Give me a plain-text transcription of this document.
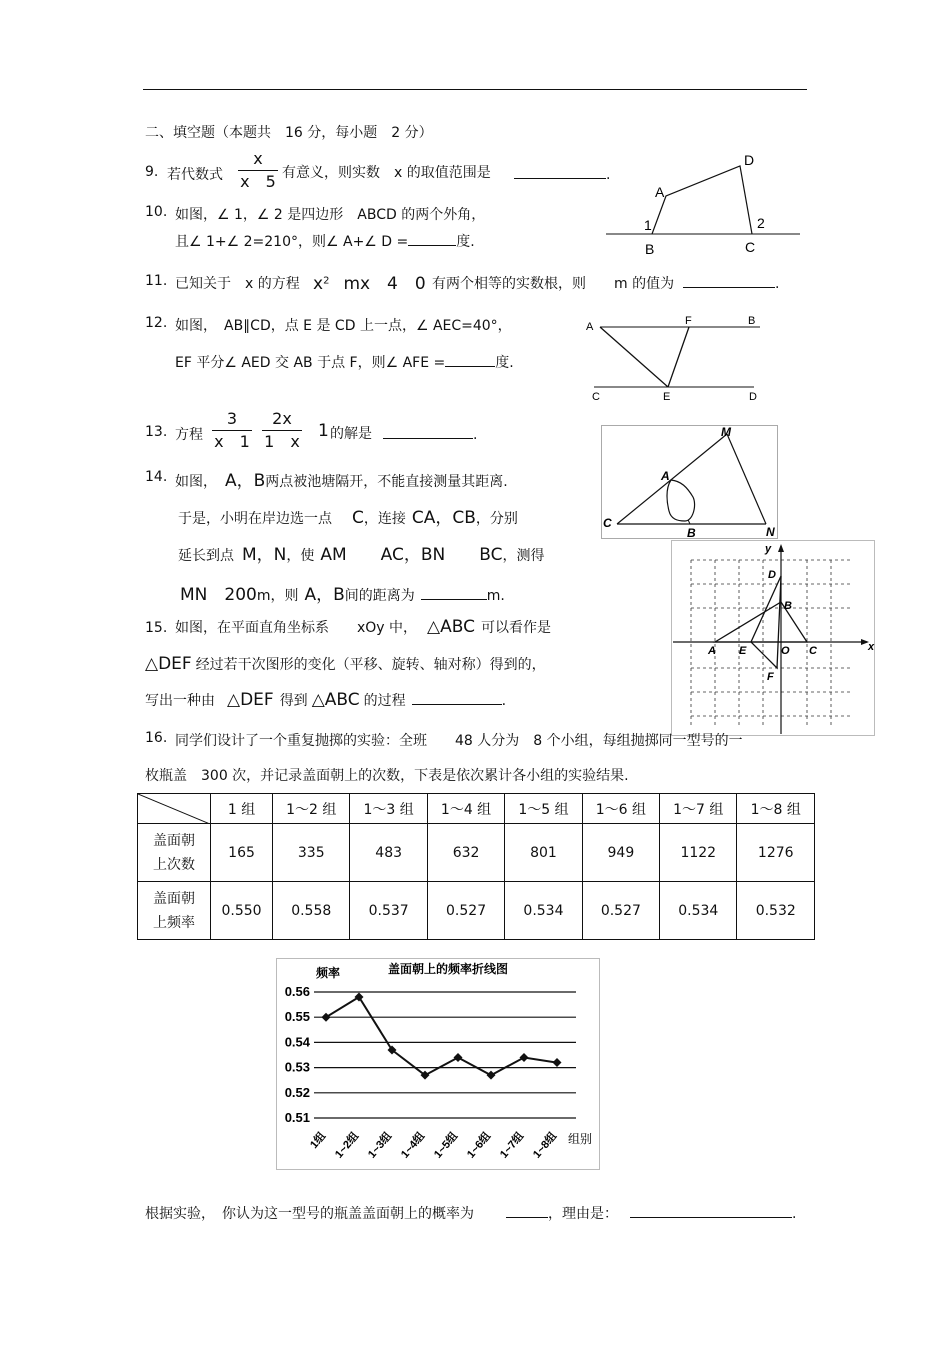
二、填空题（本题共　16 分，每小题　2 分）
9. 若代数式
x
x　5 有意义，则实数　x 的取值范围是	.
10. 如图，∠ 1，∠ 2 是四边形　ABCD 的两个外角，
且∠ 1+∠ 2=210°，则∠ A+∠ D =	度.
A
D
1	2
B	C
11. 已知关于　x 的方程 $x^2$ mx　4　0 有两个相等的实数根，则　　m 的值为	.
12. 如图，　AB∥CD，点 E 是 CD 上一点，∠ AEC=40°，
EF 平分∠ AED 交 AB 于点 F，则∠ AFE =	度.
A	F	B
C	E	D
13. 方程
3
x　1
2x
1　x
1 的解是	.
A
M
C
N
B
14. 如图， A，B两点被池塘隔开，不能直接测量其距离.
于是，小明在岸边选一点 C，连接 CA，CB，分别
延长到点 M，N，使 AM　　AC，BN　　BC，测得
MN　200m，则 A，B间的距离为	m.
y
x
O
A E	C
B
D
F
15. 如图，在平面直角坐标系　　xOy 中， △ABC 可以看作是
△DEF 经过若干次图形的变化（平移、旋转、轴对称）得到的，
写出一种由 △DEF 得到 △ABC 的过程	.
16. 同学们设计了一个重复抛掷的实验：全班　　48 人分为　8 个小组，每组抛掷同一型号的一
枚瓶盖　300 次，并记录盖面朝上的次数，下表是依次累计各小组的实验结果.
	1 组	1～2 组	1～3 组	1～4 组	1～5 组	1～6 组	1～7 组	1～8 组
盖面朝
上次数	165	335	483	632	801	949	1122	1276
盖面朝
上频率	0.550	0.558	0.537	0.527	0.534	0.527	0.534	0.532
盖面朝上的频率折线图
频率
组别
0.56
0.55
0.54
0.53
0.52
0.51
1组 1~2组 1~3组 1~4组 1~5组 1~6组 1~7组 1~8组
根据实验，　你认为这一型号的瓶盖盖面朝上的概率为	，理由是：	.
